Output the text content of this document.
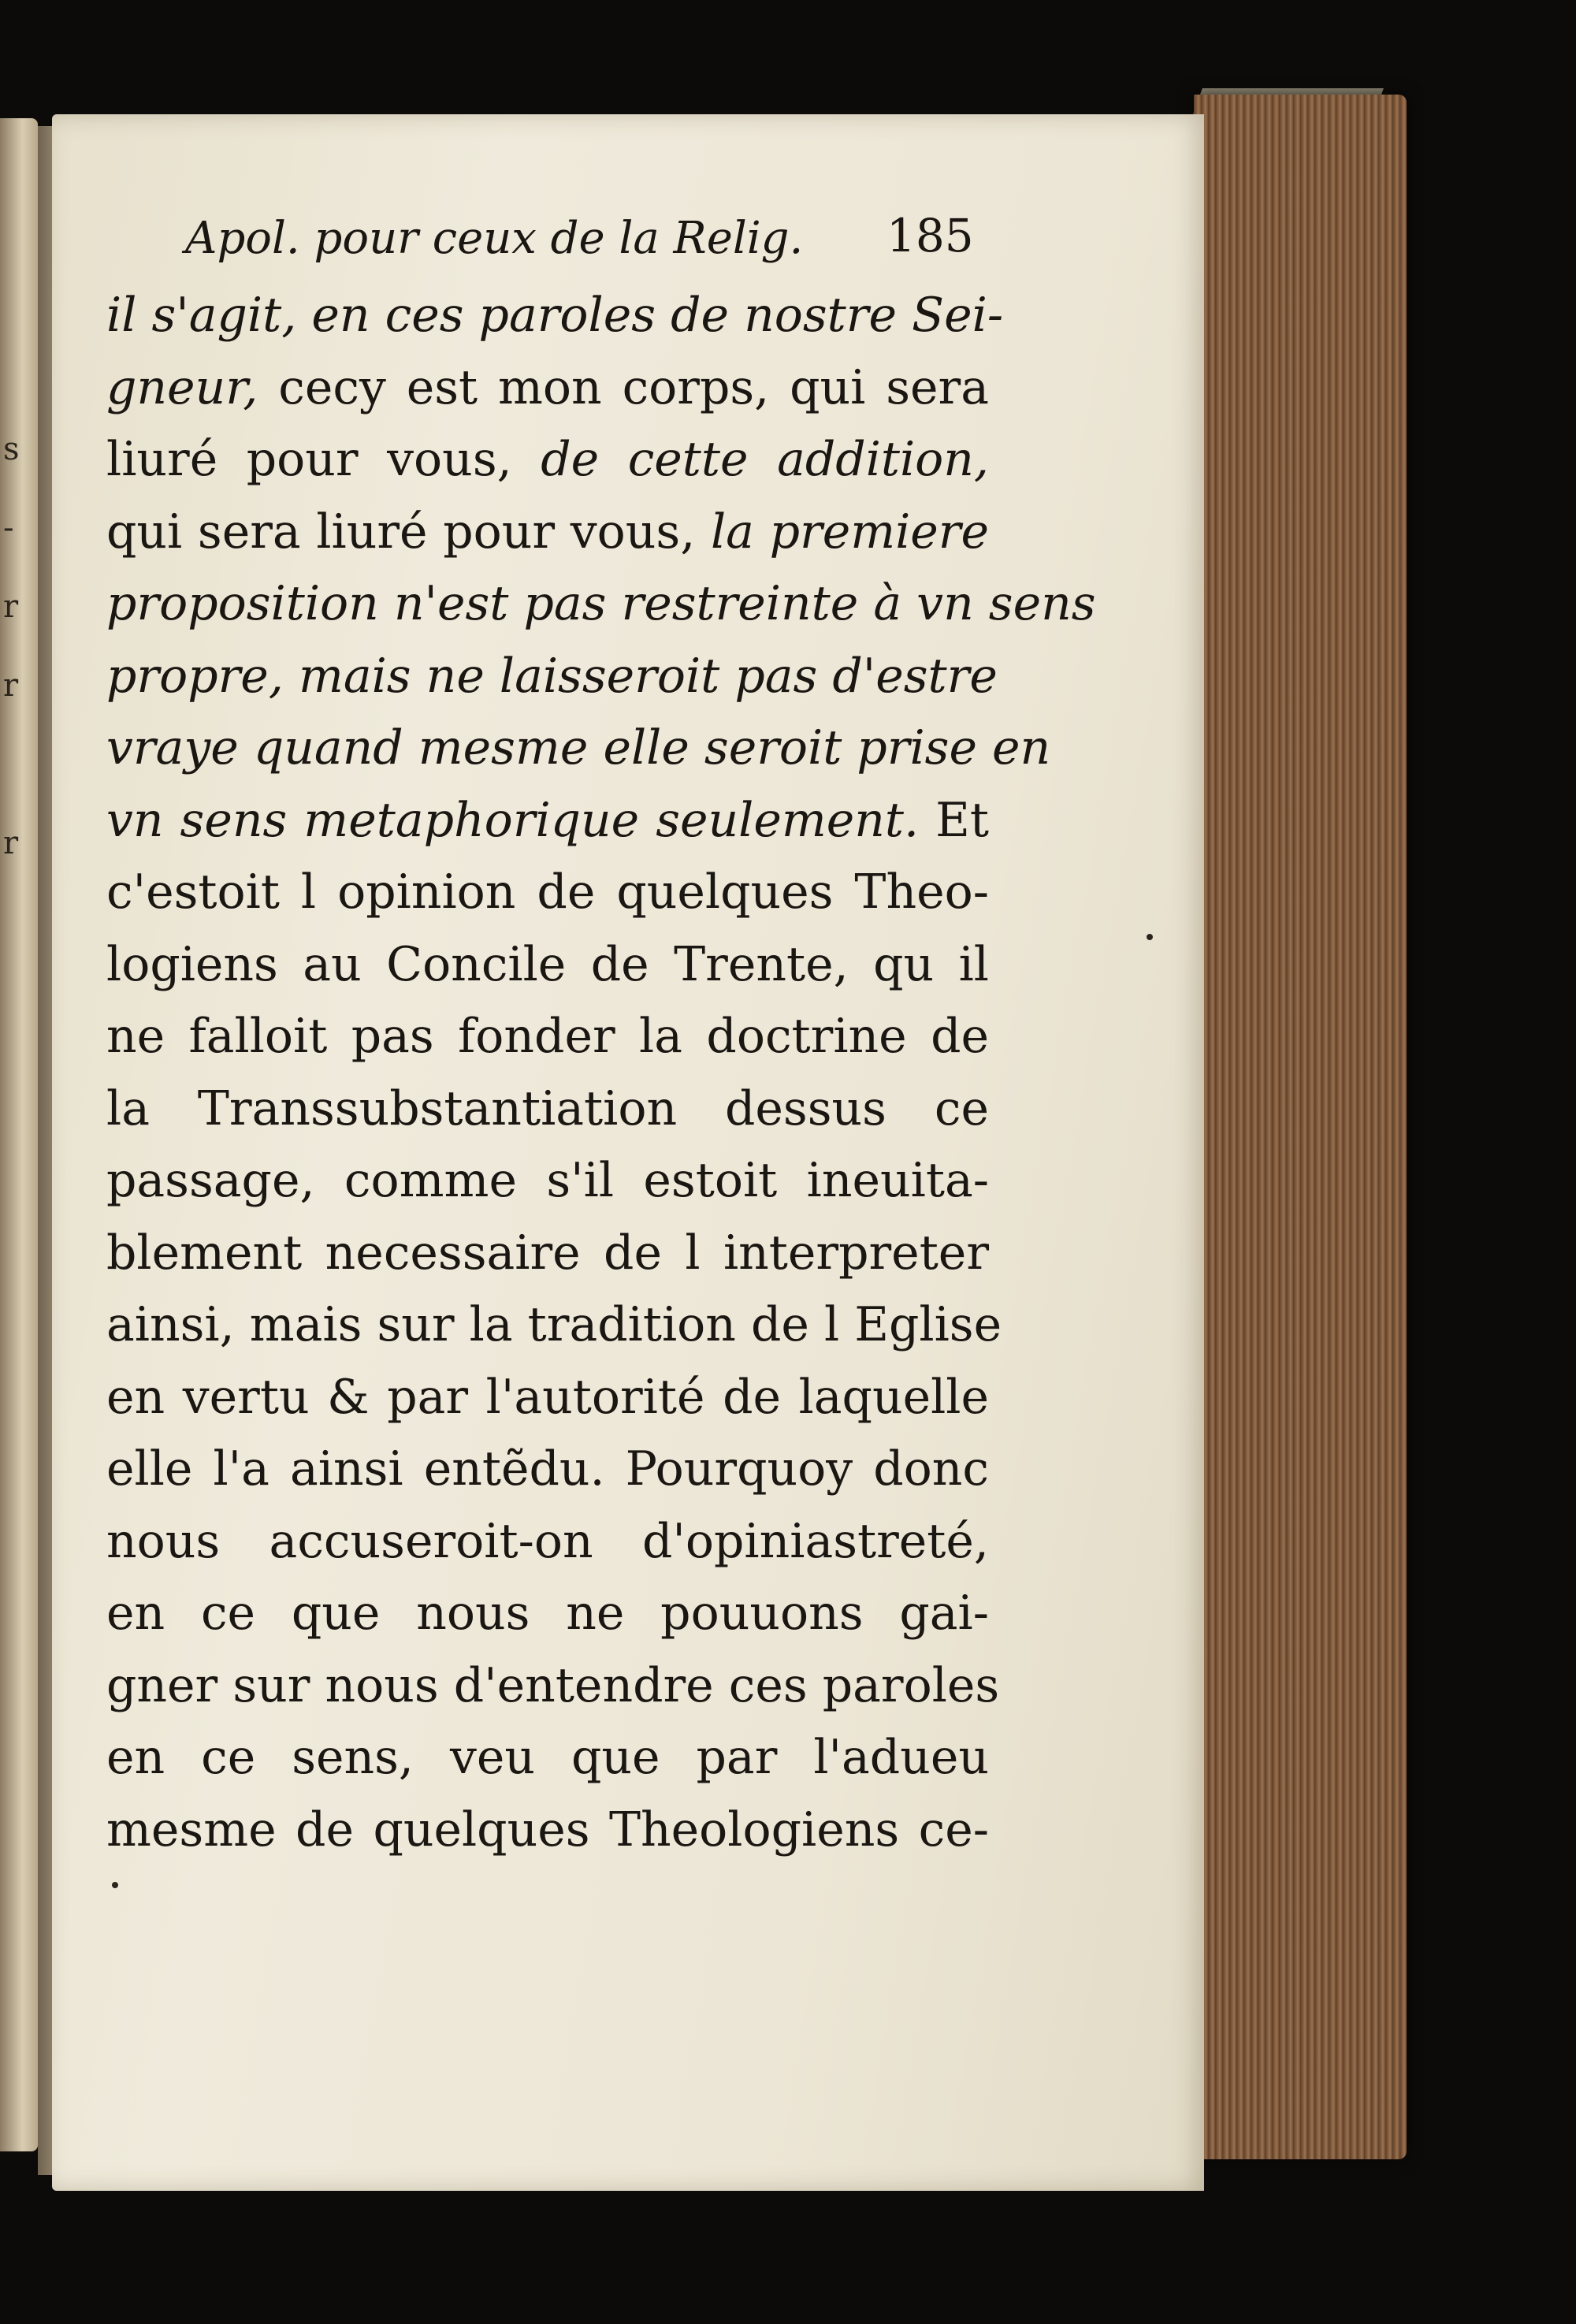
s
-
r
r
r
Apol. pour ceux de la Relig. 185
il s'agit, en ces paroles de nostre Sei-
gneur, cecy est mon corps, qui sera
liuré pour vous, de cette addition,
qui sera liuré pour vous, la premiere
proposition n'est pas restreinte à vn sens
propre, mais ne laisseroit pas d'estre
vraye quand mesme elle seroit prise en
vn sens metaphorique seulement. Et
c'estoit l opinion de quelques Theo-
logiens au Concile de Trente, qu il
ne falloit pas fonder la doctrine de
la Transsubstantiation dessus ce
passage, comme s'il estoit ineuita-
blement necessaire de l interpreter
ainsi, mais sur la tradition de l Eglise
en vertu & par l'autorité de laquelle
elle l'a ainsi entẽdu. Pourquoy donc
nous accuseroit-on d'opiniastreté,
en ce que nous ne pouuons gai-
gner sur nous d'entendre ces paroles
en ce sens, veu que par l'adueu
mesme de quelques Theologiens ce-
